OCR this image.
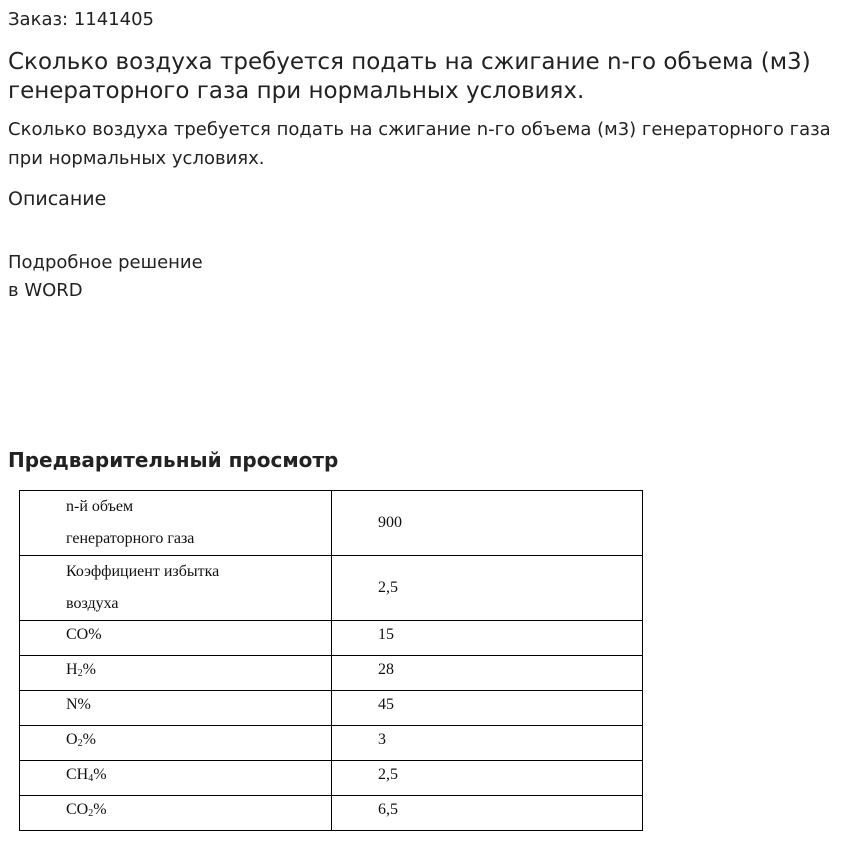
Заказ: 1141405
Сколько воздуха требуется подать на сжигание n-го объема (м3) генераторного газа при нормальных условиях.

Сколько воздуха требуется подать на сжигание n-го объема (м3) генераторного газа при нормальных условиях.

Описание
Подробное решение
в WORD
Предварительный просмотр
n-й объем
генераторного газа	900

Коэффициент избытка
воздуха	2,5
CO%	15
$H_2\%$	28
N%	45
$O_2\%$	3
$CH_4\%$	2,5
$CO_2\%$	6,5
